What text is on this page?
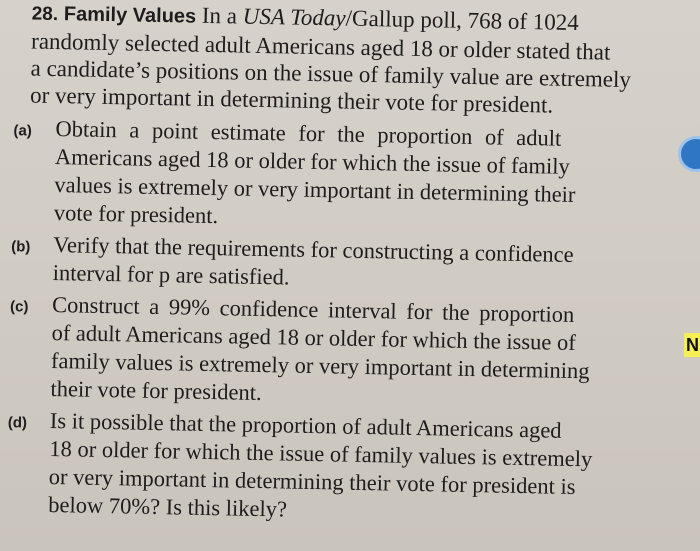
28. Family Values In a USA Today/Gallup poll, 768 of 1024
randomly selected adult Americans aged 18 or older stated that
a candidate’s positions on the issue of family value are extremely
or very important in determining their vote for president.
(a)	Obtain a point estimate for the proportion of adult
Americans aged 18 or older for which the issue of family
values is extremely or very important in determining their
vote for president.
(b) Verify that the requirements for constructing a confidence
interval for p are satisfied.
(c)	Construct a 99% confidence interval for the proportion
of adult Americans aged 18 or older for which the issue of
family values is extremely or very important in determining
their vote for president.
(d) Is it possible that the proportion of adult Americans aged
18 or older for which the issue of family values is extremely
or very important in determining their vote for president is
below 70%? Is this likely?
N
